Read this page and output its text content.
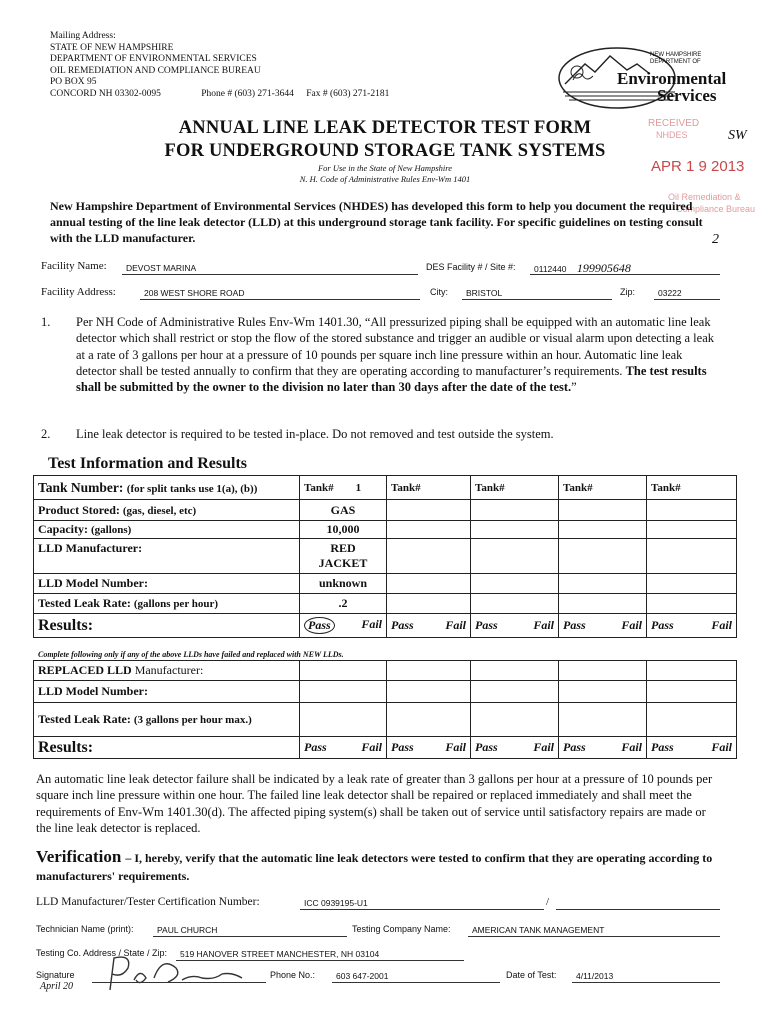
Mailing Address:
STATE OF NEW HAMPSHIRE
DEPARTMENT OF ENVIRONMENTAL SERVICES
OIL REMEDIATION AND COMPLIANCE BUREAU
PO BOX 95
CONCORD NH 03302-0095	Phone # (603) 271-3644 Fax # (603) 271-2181
NEW HAMPSHIRE
DEPARTMENT OF
Environmental
Services
ANNUAL LINE LEAK DETECTOR TEST FORM
FOR UNDERGROUND STORAGE TANK SYSTEMS
For Use in the State of New Hampshire
N. H. Code of Administrative Rules Env-Wm 1401
RECEIVED
NHDES
APR 1 9 2013
Oil Remediation &
Compliance Bureau
SW
2
New Hampshire Department of Environmental Services (NHDES) has developed this form to help you document the required annual testing of the line leak detector (LLD) at this underground storage tank facility. For specific guidelines on testing consult with the LLD manufacturer.
Facility Name:	DEVOST MARINA	DES Facility # / Site #:	0112440 199905648
Facility Address:	208 WEST SHORE ROAD	City:	BRISTOL	Zip:	03222
1. Per NH Code of Administrative Rules Env-Wm 1401.30, “All pressurized piping shall be equipped with an automatic line leak detector which shall restrict or stop the flow of the stored substance and trigger an audible or visual alarm upon detecting a leak at a rate of 3 gallons per hour at a pressure of 10 pounds per square inch line pressure within an hour. Automatic line leak detector shall be tested annually to confirm that they are operating according to manufacturer’s requirements. The test results shall be submitted by the owner to the division no later than 30 days after the date of the test.”
2. Line leak detector is required to be tested in-place. Do not removed and test outside the system.
Test Information and Results
Tank Number: (for split tanks use 1(a), (b))	Tank# 1	Tank#	Tank#	Tank#	Tank#
Product Stored: (gas, diesel, etc)	GAS				
Capacity: (gallons)	10,000				
LLD Manufacturer:	RED
JACKET				

LLD Model Number:	unknown				
Tested Leak Rate: (gallons per hour)	.2				
Results:	Pass Fail	Pass Fail	Pass Fail	Pass Fail	Pass Fail
Complete following only if any of the above LLDs have failed and replaced with NEW LLDs.
REPLACED LLD Manufacturer:					
LLD Model Number:					
Tested Leak Rate: (3 gallons per hour max.)					
Results:	Pass Fail	Pass Fail	Pass Fail	Pass Fail	Pass Fail
An automatic line leak detector failure shall be indicated by a leak rate of greater than 3 gallons per hour at a pressure of 10 pounds per square inch line pressure within one hour. The failed line leak detector shall be repaired or replaced immediately and shall meet the requirements of Env-Wm 1401.30(d). The affected piping system(s) shall be taken out of service until satisfactory repairs are made or the line leak detector is replaced.
Verification – I, hereby, verify that the automatic line leak detectors were tested to confirm that they are operating according to manufacturers' requirements.
LLD Manufacturer/Tester Certification Number:	ICC 0939195-U1	/
Technician Name (print):	PAUL CHURCH	Testing Company Name:	AMERICAN TANK MANAGEMENT
Testing Co. Address / State / Zip:	519 HANOVER STREET MANCHESTER, NH 03104
Signature
April 20
Phone No.:	603 647-2001	Date of Test:	4/11/2013
